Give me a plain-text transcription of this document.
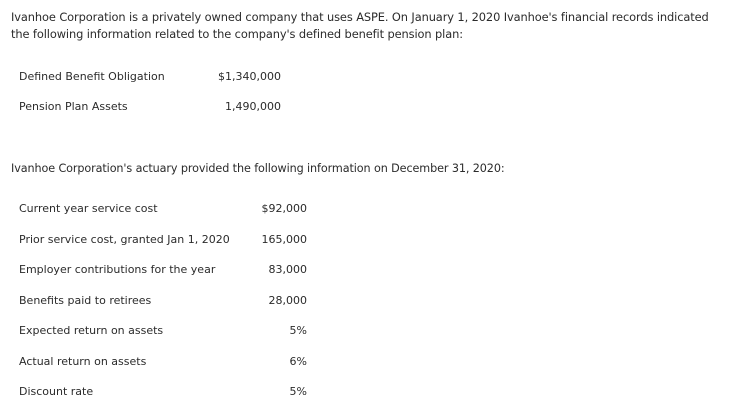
Ivanhoe Corporation is a privately owned company that uses ASPE. On January 1, 2020 Ivanhoe's financial records indicated the following information related to the company's defined benefit pension plan:
Defined Benefit Obligation	$1,340,000
Pension Plan Assets	1,490,000
Ivanhoe Corporation's actuary provided the following information on December 31, 2020:
Current year service cost	$92,000
Prior service cost, granted Jan 1, 2020	165,000
Employer contributions for the year	83,000
Benefits paid to retirees	28,000
Expected return on assets	5%
Actual return on assets	6%
Discount rate	5%
